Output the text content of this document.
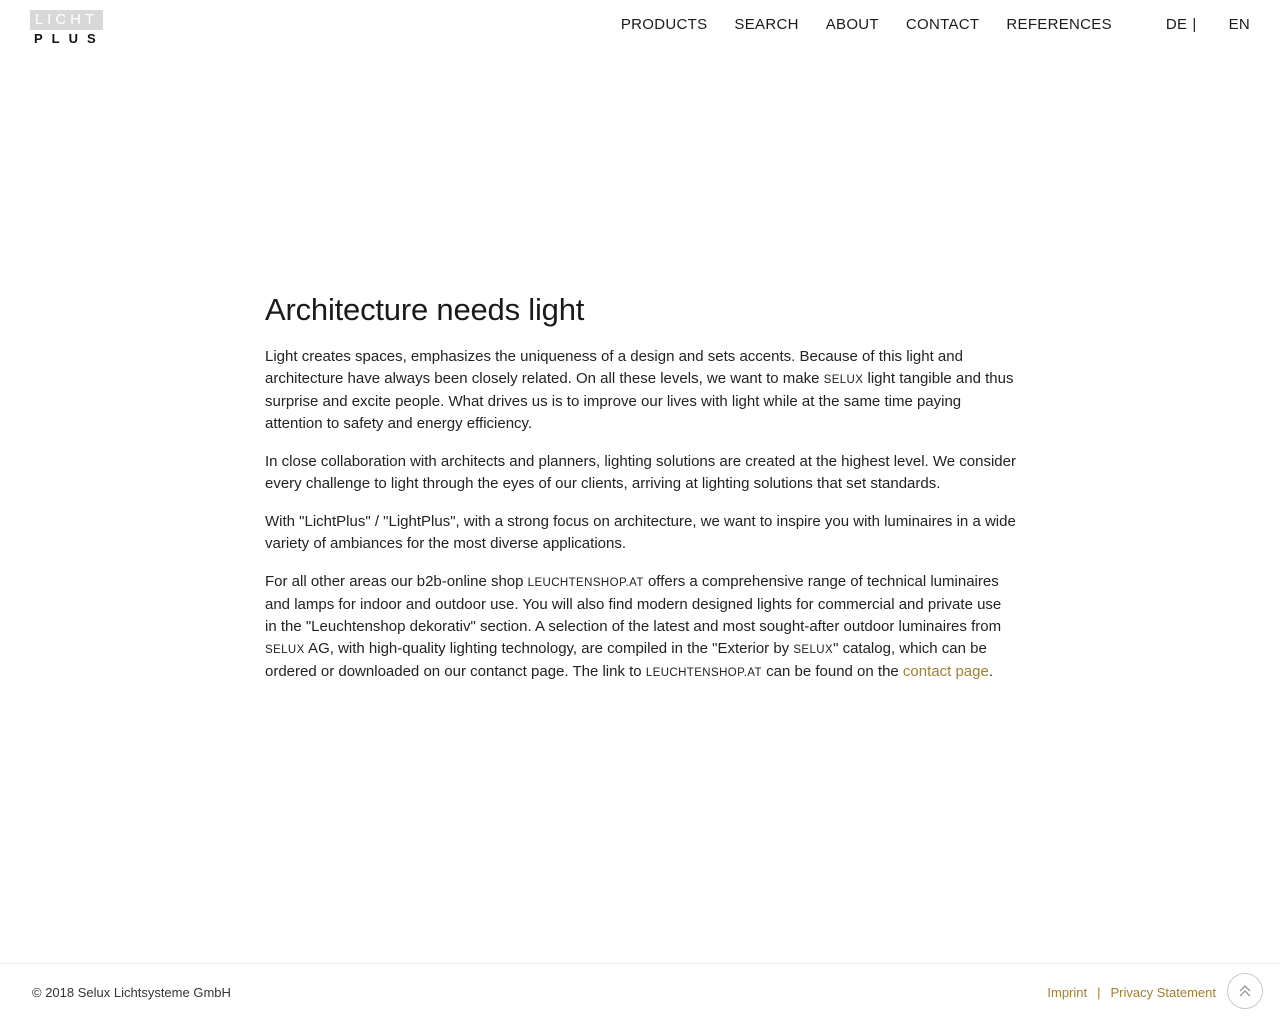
LICHT
PLUS
PRODUCTS SEARCH ABOUT CONTACT REFERENCES	DE | EN
Architecture needs light

Light creates spaces, emphasizes the uniqueness of a design and sets accents. Because of this light and architecture have always been closely related. On all these levels, we want to make SELUX light tangible and thus surprise and excite people. What drives us is to improve our lives with light while at the same time paying attention to safety and energy efficiency.

In close collaboration with architects and planners, lighting solutions are created at the highest level. We consider every challenge to light through the eyes of our clients, arriving at lighting solutions that set standards.

With "LichtPlus" / "LightPlus", with a strong focus on architecture, we want to inspire you with luminaires in a wide variety of ambiances for the most diverse applications.

For all other areas our b2b-online shop LEUCHTENSHOP.AT offers a comprehensive range of technical luminaires and lamps for indoor and outdoor use. You will also find modern designed lights for commercial and private use in the "Leuchtenshop dekorativ" section. A selection of the latest and most sought-after outdoor luminaires from SELUX AG, with high-quality lighting technology, are compiled in the "Exterior by SELUX" catalog, which can be ordered or downloaded on our contanct page. The link to LEUCHTENSHOP.AT can be found on the contact page.

© 2018 Selux Lichtsysteme GmbH	Imprint | Privacy Statement
